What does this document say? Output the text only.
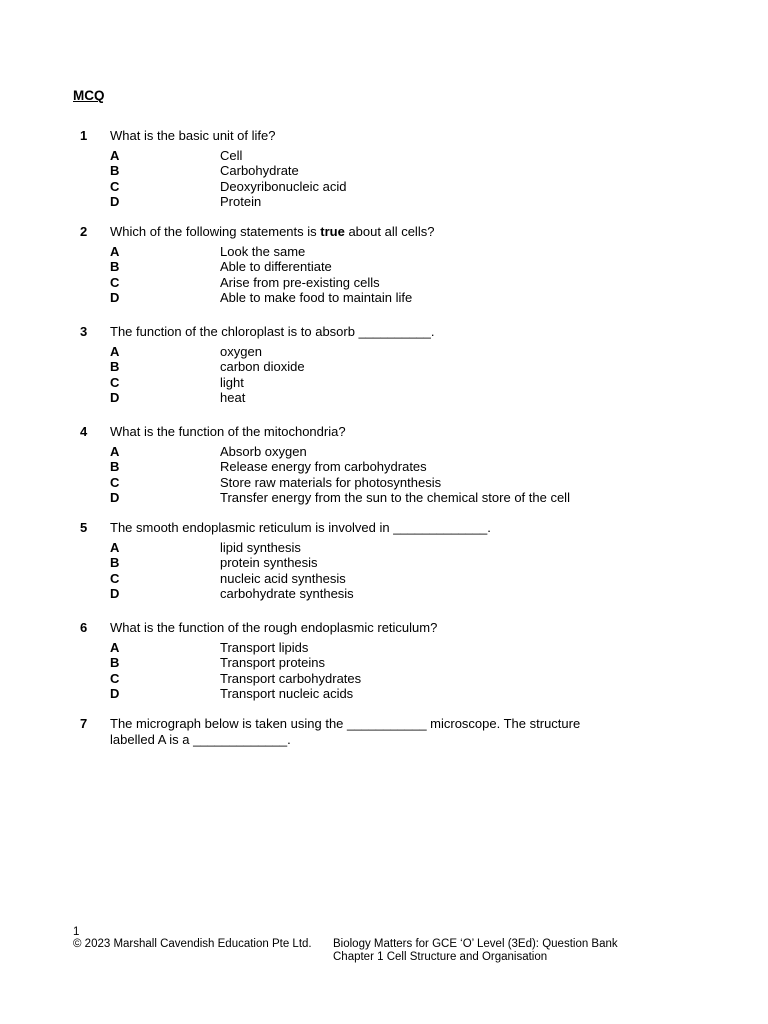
MCQ
1	What is the basic unit of life?
A	Cell
B	Carbohydrate
C	Deoxyribonucleic acid
D	Protein
2	Which of the following statements is true about all cells?
A	Look the same
B	Able to differentiate
C	Arise from pre-existing cells
D	Able to make food to maintain life
3	The function of the chloroplast is to absorb __________.
A	oxygen
B	carbon dioxide
C	light
D	heat
4	What is the function of the mitochondria?
A	Absorb oxygen
B	Release energy from carbohydrates
C	Store raw materials for photosynthesis
D	Transfer energy from the sun to the chemical store of the cell
5	The smooth endoplasmic reticulum is involved in _____________.
A	lipid synthesis
B	protein synthesis
C	nucleic acid synthesis
D	carbohydrate synthesis
6	What is the function of the rough endoplasmic reticulum?
A	Transport lipids
B	Transport proteins
C	Transport carbohydrates
D	Transport nucleic acids
7	The micrograph below is taken using the ___________ microscope. The structure
labelled A is a _____________.
1
© 2023 Marshall Cavendish Education Pte Ltd. Biology Matters for GCE ‘O’ Level (3Ed): Question Bank
Chapter 1 Cell Structure and Organisation
